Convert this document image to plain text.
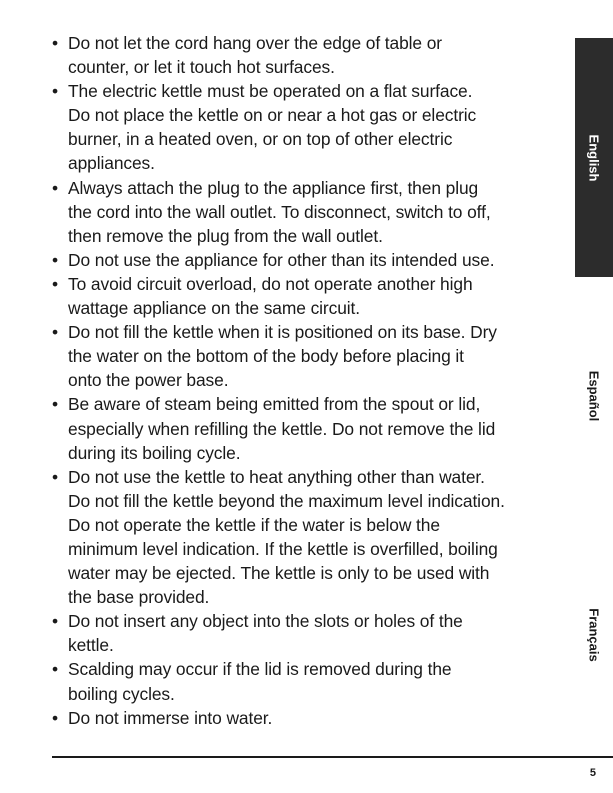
• Do not let the cord hang over the edge of table or
counter, or let it touch hot surfaces.
• The electric kettle must be operated on a flat surface.
Do not place the kettle on or near a hot gas or electric
burner, in a heated oven, or on top of other electric
appliances.
• Always attach the plug to the appliance first, then plug
the cord into the wall outlet. To disconnect, switch to off,
then remove the plug from the wall outlet.
• Do not use the appliance for other than its intended use.
• To avoid circuit overload, do not operate another high
wattage appliance on the same circuit.
• Do not fill the kettle when it is positioned on its base. Dry
the water on the bottom of the body before placing it
onto the power base.
• Be aware of steam being emitted from the spout or lid,
especially when refilling the kettle. Do not remove the lid
during its boiling cycle.
• Do not use the kettle to heat anything other than water.
Do not fill the kettle beyond the maximum level indication.
Do not operate the kettle if the water is below the
minimum level indication. If the kettle is overfilled, boiling
water may be ejected. The kettle is only to be used with
the base provided.
• Do not insert any object into the slots or holes of the
kettle.
• Scalding may occur if the lid is removed during the
boiling cycles.
• Do not immerse into water.
English
Español
Français
5
